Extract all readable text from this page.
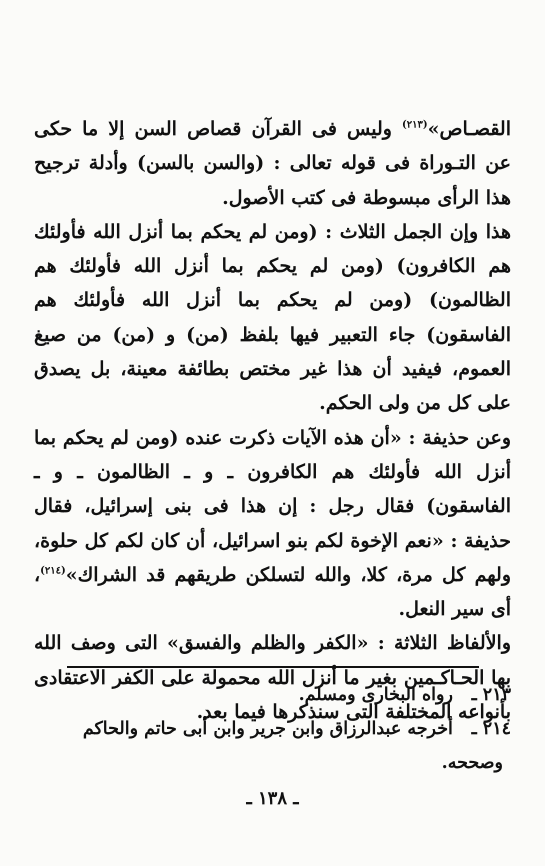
القصـاص»$^{(٢١٣)}$ وليس فى القرآن قصاص السن إلا ما حكى عن التـوراة فى قوله تعالى : (والسن بالسن) وأدلة ترجيح هذا الرأى مبسوطة فى كتب الأصول.

هذا وإن الجمل الثلاث : (ومن لم يحكم بما أنزل الله فأولئك هم الكافرون) (ومن لم يحكم بما أنزل الله فأولئك هم الظالمون) (ومن لم يحكم بما أنزل الله فأولئك هم الفاسقون) جاء التعبير فيها بلفظ (من) و (من) من صيغ العموم، فيفيد أن هذا غير مختص بطائفة معينة، بل يصدق على كل من ولى الحكم.

وعن حذيفة : «أن هذه الآيات ذكرت عنده (ومن لم يحكم بما أنزل الله فأولئك هم الكافرون ـ و ـ الظالمون ـ و ـ الفاسقون) فقال رجل : إن هذا فى بنى إسرائيل، فقال حذيفة : «نعم الإخوة لكم بنو اسرائيل، أن كان لكم كل حلوة، ولهم كل مرة، كلا، والله لتسلكن طريقهم قد الشراك»$^{(٢١٤)}$، أى سير النعل.

والألفاظ الثلاثة : «الكفر والظلم والفسق» التى وصف الله بها الحـاكـمين بغير ما أنزل الله محمولة على الكفر الاعتقادى بأنواعه المختلفة التى سنذكرها فيما بعد.

٢١٣ ـ رواه البخارى ومسلم.
٢١٤ ـ أخرجه عبدالرزاق وابن جرير وابن أبى حاتم والحاكم
وصححه.
ـ ١٣٨ ـ
